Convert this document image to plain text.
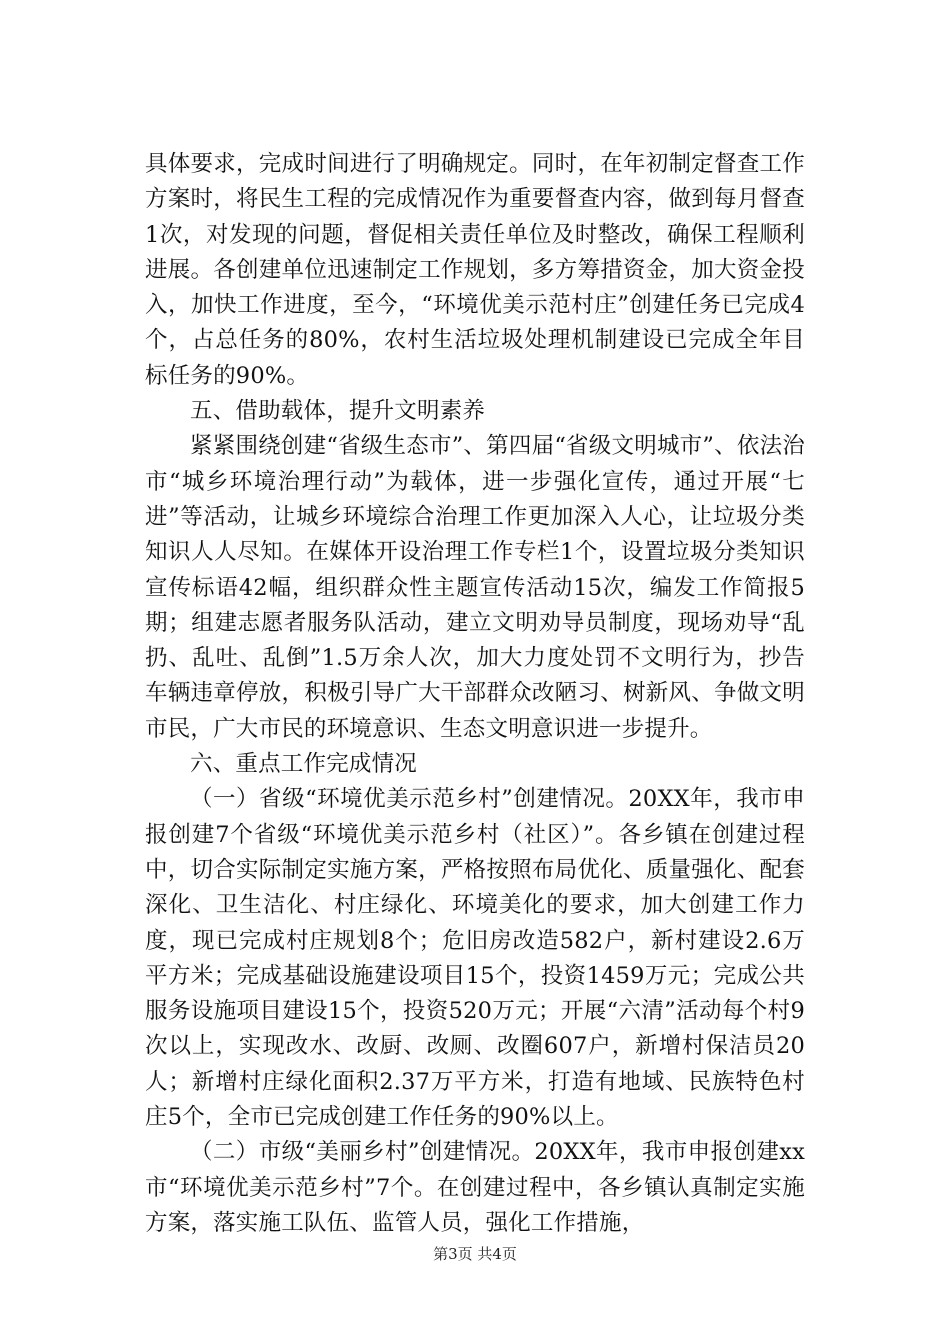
具体要求，完成时间进行了明确规定。同时，在年初制定督查工作方案时，将民生工程的完成情况作为重要督查内容，做到每月督查1次，对发现的问题，督促相关责任单位及时整改，确保工程顺利进展。各创建单位迅速制定工作规划，多方筹措资金，加大资金投入，加快工作进度，至今，“环境优美示范村庄”创建任务已完成4个，占总任务的80%，农村生活垃圾处理机制建设已完成全年目标任务的90%。

五、借助载体，提升文明素养

紧紧围绕创建“省级生态市”、第四届“省级文明城市”、依法治市“城乡环境治理行动”为载体，进一步强化宣传，通过开展“七进”等活动，让城乡环境综合治理工作更加深入人心，让垃圾分类知识人人尽知。在媒体开设治理工作专栏1个，设置垃圾分类知识宣传标语42幅，组织群众性主题宣传活动15次，编发工作简报5期；组建志愿者服务队活动，建立文明劝导员制度，现场劝导“乱扔、乱吐、乱倒”1.5万余人次，加大力度处罚不文明行为，抄告车辆违章停放，积极引导广大干部群众改陋习、树新风、争做文明市民，广大市民的环境意识、生态文明意识进一步提升。

六、重点工作完成情况

（一）省级“环境优美示范乡村”创建情况。20XX年，我市申报创建7个省级“环境优美示范乡村（社区）”。各乡镇在创建过程中，切合实际制定实施方案，严格按照布局优化、质量强化、配套深化、卫生洁化、村庄绿化、环境美化的要求，加大创建工作力度，现已完成村庄规划8个；危旧房改造582户，新村建设2.6万平方米；完成基础设施建设项目15个，投资1459万元；完成公共服务设施项目建设15个，投资520万元；开展“六清”活动每个村9次以上，实现改水、改厨、改厕、改圈607户，新增村保洁员20人；新增村庄绿化面积2.37万平方米，打造有地域、民族特色村庄5个，全市已完成创建工作任务的90%以上。

（二）市级“美丽乡村”创建情况。20XX年，我市申报创建xx市“环境优美示范乡村”7个。在创建过程中，各乡镇认真制定实施方案，落实施工队伍、监管人员，强化工作措施，

第3页 共4页
